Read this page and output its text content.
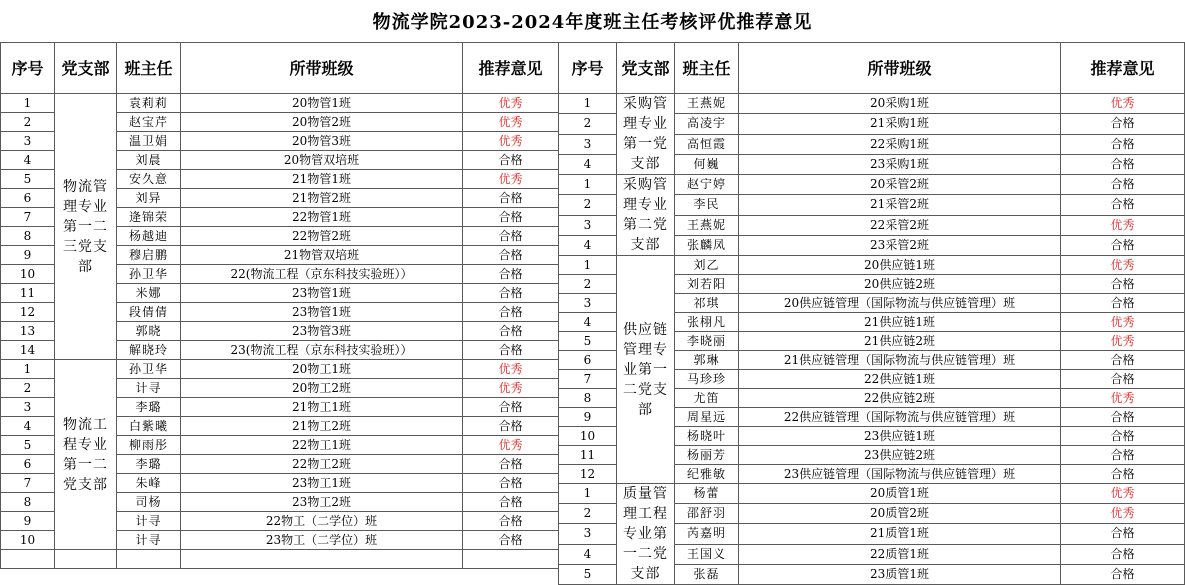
物流学院2023-2024年度班主任考核评优推荐意见
序号	党支部	班主任	所带班级	推荐意见
1	物流管理专业第一二三党支部	袁莉莉	20物管1班	优秀
2		赵宝芹	20物管2班	优秀
3		温卫娟	20物管3班	优秀
4		刘晨	20物管双培班	合格
5		安久意	21物管1班	优秀
6		刘异	21物管2班	合格
7		逄锦荣	22物管1班	合格
8		杨越迪	22物管2班	合格
9		穆启鹏	21物管双培班	合格
10		孙卫华	22(物流工程（京东科技实验班））	合格
11		米娜	23物管1班	合格
12		段倩倩	23物管1班	合格
13		郭晓	23物管3班	合格
14		解晓玲	23(物流工程（京东科技实验班））	合格
1	物流工程专业第一二党支部	孙卫华	20物工1班	优秀
2		计寻	20物工2班	优秀
3		李璐	21物工1班	合格
4		白紫曦	21物工2班	合格
5		柳雨彤	22物工1班	优秀
6		李璐	22物工2班	合格
7		朱峰	23物工1班	合格
8		司杨	23物工2班	合格
9		计寻	22物工（二学位）班	合格
10		计寻	23物工（二学位）班	合格

序号	党支部	班主任	所带班级	推荐意见
1	采购管理专业第一党支部	王燕妮	20采购1班	优秀
2		高凌宇	21采购1班	合格
3		高恒霞	22采购1班	合格
4		何巍	23采购1班	合格
1	采购管理专业第二党支部	赵宁婷	20采管2班	合格
2		李民	21采管2班	合格
3		王燕妮	22采管2班	优秀
4		张麟凤	23采管2班	合格
1	供应链管理专业第一二党支部	刘乙	20供应链1班	优秀
2		刘若阳	20供应链2班	合格
3		祁琪	20供应链管理（国际物流与供应链管理）班	合格
4		张栩凡	21供应链1班	优秀
5		李晓丽	21供应链2班	优秀
6		郭琳	21供应链管理（国际物流与供应链管理）班	合格
7		马珍珍	22供应链1班	合格
8		尤笛	22供应链2班	优秀
9		周星远	22供应链管理（国际物流与供应链管理）班	合格
10		杨晓叶	23供应链1班	合格
11		杨丽芳	23供应链2班	合格
12		纪雅敏	23供应链管理（国际物流与供应链管理）班	合格
1	质量管理工程专业第一二党支部	杨蕾	20质管1班	优秀
2		邵舒羽	20质管2班	优秀
3		芮嘉明	21质管1班	合格
4		王国义	22质管1班	合格
5		张磊	23质管1班	合格
